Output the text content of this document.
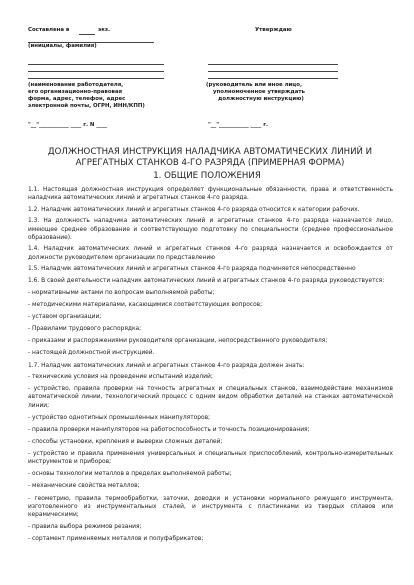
Составлена в	экз.
(инициалы, фамилия)
(наименование работодателя,
его организационно-правовая
форма, адрес, телефон, адрес
электронной почты, ОГРН, ИНН/КПП)
"__"___________ ____ г. N ____
Утверждаю
(руководитель или иное лицо,
уполномоченное утверждать
должностную инструкцию)
"__"___________ ____ г.
ДОЛЖНОСТНАЯ ИНСТРУКЦИЯ НАЛАДЧИКА АВТОМАТИЧЕСКИХ ЛИНИЙ И АГРЕГАТНЫХ СТАНКОВ 4-ГО РАЗРЯДА (ПРИМЕРНАЯ ФОРМА)
1. ОБЩИЕ ПОЛОЖЕНИЯ

1.1. Настоящая должностная инструкция определяет функциональные обязанности, права и ответственность наладчика автоматических линий и агрегатных станков 4-го разряда.

1.2. Наладчик автоматических линий и агрегатных станков 4-го разряда относится к категории рабочих.

1.3. На должность наладчика автоматических линий и агрегатных станков 4-го разряда назначается лицо, имеющее среднее образование и соответствующую подготовку по специальности (среднее профессиональное образование).

1.4. Наладчик автоматических линий и агрегатных станков 4-го разряда назначается и освобождается от должности руководителем организации по представлению

1.5. Наладчик автоматических линий и агрегатных станков 4-го разряда подчиняется непосредственно

1.6. В своей деятельности наладчик автоматических линий и агрегатных станков 4-го разряда руководствуется:

- нормативными актами по вопросам выполняемой работы;

- методическими материалами, касающимися соответствующих вопросов;

- уставом организации;

- Правилами трудового распорядка;

- приказами и распоряжениями руководителя организации, непосредственного руководителя;

- настоящей должностной инструкцией.

1.7. Наладчик автоматических линий и агрегатных станков 4-го разряда должен знать:

- технические условия на проведение испытаний изделий;

- устройство, правила проверки на точность агрегатных и специальных станков, взаимодействие механизмов автоматической линии, технологический процесс с одним видом обработки деталей на станках автоматической линии;

- устройство однотипных промышленных манипуляторов;

- правила проверки манипуляторов на работоспособность и точность позиционирования;

- способы установки, крепления и выверки сложных деталей;

- устройство и правила применения универсальных и специальных приспособлений, контрольно-измерительных инструментов и приборов;

- основы технологии металлов в пределах выполняемой работы;

- механические свойства металлов;

- геометрию, правила термообработки, заточки, доводки и установки нормального режущего инструмента, изготовленного из инструментальных сталей, и инструмента с пластинками из твердых сплавов или керамическими;

- правила выбора режимов резания;

- сортамент применяемых металлов и полуфабрикатов;
